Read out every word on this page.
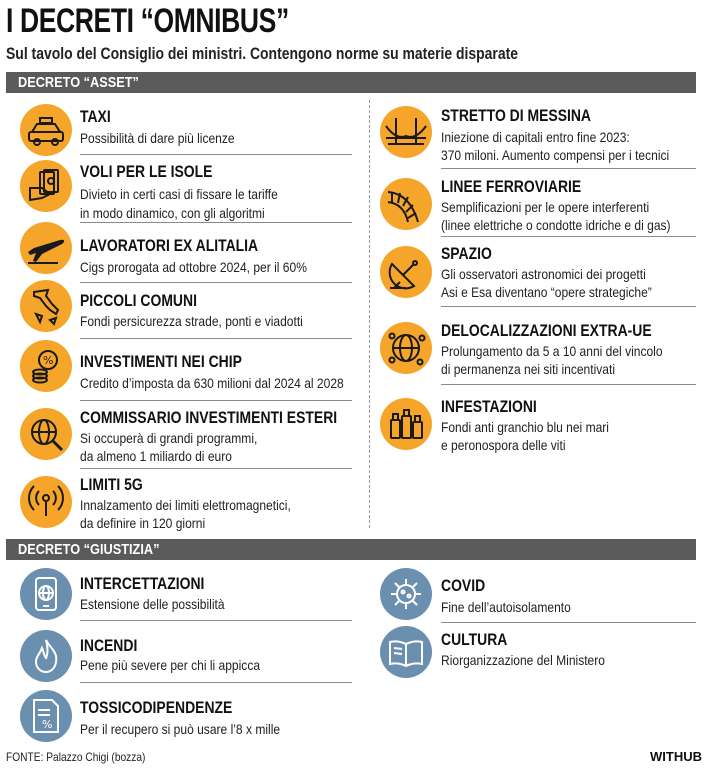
I DECRETI “OMNIBUS”
Sul tavolo del Consiglio dei ministri. Contengono norme su materie disparate
DECRETO “ASSET”
TAXI
Possibilità di dare più licenze
VOLI PER LE ISOLE
Divieto in certi casi di fissare le tariffe
in modo dinamico, con gli algoritmi
LAVORATORI EX ALITALIA
Cigs prorogata ad ottobre 2024, per il 60%
PICCOLI COMUNI
Fondi persicurezza strade, ponti e viadotti
% INVESTIMENTI NEI CHIP
Credito d’imposta da 630 milioni dal 2024 al 2028
COMMISSARIO INVESTIMENTI ESTERI
Si occuperà di grandi programmi,
da almeno 1 miliardo di euro
LIMITI 5G
Innalzamento dei limiti elettromagnetici,
da definire in 120 giorni
STRETTO DI MESSINA
Iniezione di capitali entro fine 2023:
370 miloni. Aumento compensi per i tecnici
LINEE FERROVIARIE
Semplificazioni per le opere interferenti
(linee elettriche o condotte idriche e di gas)
SPAZIO
Gli osservatori astronomici dei progetti
Asi e Esa diventano “opere strategiche”
DELOCALIZZAZIONI EXTRA-UE
Prolungamento da 5 a 10 anni del vincolo
di permanenza nei siti incentivati
INFESTAZIONI
Fondi anti granchio blu nei mari
e peronospora delle viti
DECRETO “GIUSTIZIA”
INTERCETTAZIONI
Estensione delle possibilità
INCENDI
Pene più severe per chi li appicca
%
TOSSICODIPENDENZE
Per il recupero si può usare l’8 x mille
COVID
Fine dell’autoisolamento
CULTURA
Riorganizzazione del Ministero
FONTE: Palazzo Chigi (bozza)	WITHUB
